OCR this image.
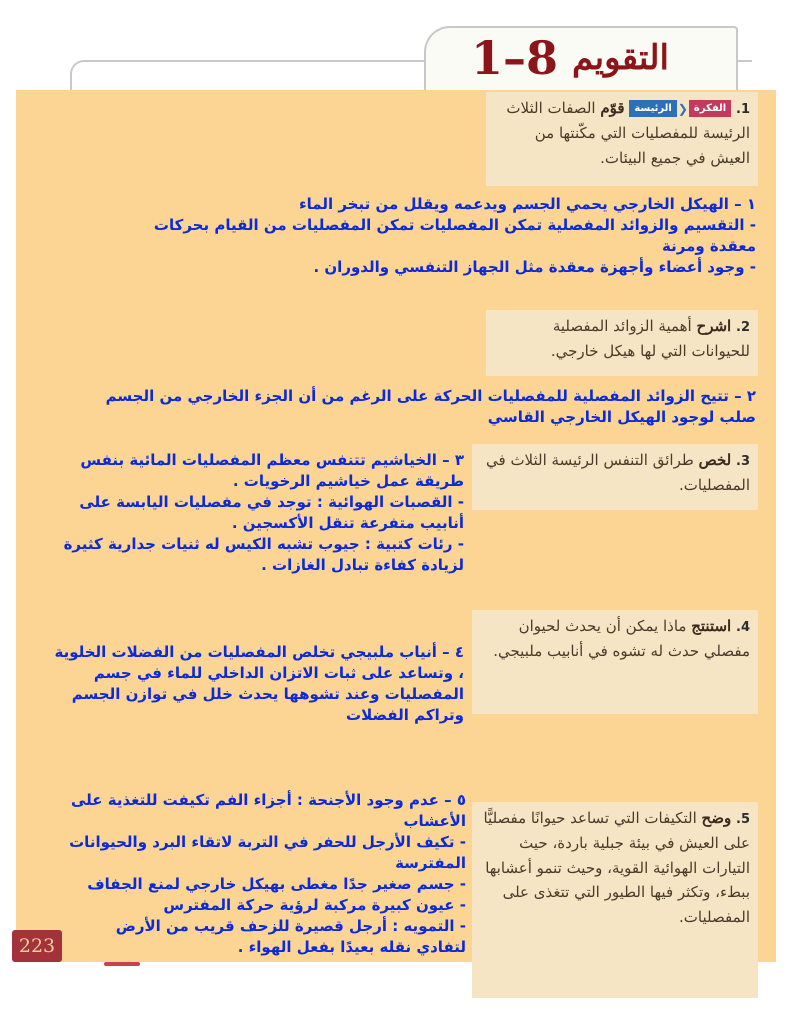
التقويم
1–8
1. الفكرة❮الرئيسة قوّم الصفات الثلاث الرئيسة للمفصليات التي مكّنتها من العيش في جميع البيئات.

١ – الهيكل الخارجي يحمي الجسم ويدعمه ويقلل من تبخر الماء

- التقسيم والزوائد المفصلية تمكن المفصليات تمكن المفصليات من القيام بحركات معقدة ومرنة

- وجود أعضاء وأجهزة معقدة مثل الجهاز التنفسي والدوران .

2. اشرح أهمية الزوائد المفصلية للحيوانات التي لها هيكل خارجي.

٢ – تتيح الزوائد المفصلية للمفصليات الحركة على الرغم من أن الجزء الخارجي من الجسم صلب لوجود الهيكل الخارجي القاسي

3. لخص طرائق التنفس الرئيسة الثلاث في المفصليات.

٣ – الخياشيم تتنفس معظم المفصليات المائية بنفس طريقة عمل خياشيم الرخويات .

- القصبات الهوائية : توجد في مفصليات اليابسة على أنابيب متفرعة تنقل الأكسجين .

- رئات كتبية : جيوب تشبه الكيس له ثنيات جدارية كثيرة لزيادة كفاءة تبادل الغازات .

4. استنتج ماذا يمكن أن يحدث لحيوان مفصلي حدث له تشوه في أنابيب ملبيجي.

٤ – أنياب ملبيجي تخلص المفصليات من الفضلات الخلوية ، وتساعد على ثبات الاتزان الداخلي للماء في جسم المفصليات وعند تشوهها يحدث خلل في توازن الجسم وتراكم الفضلات

5. وضح التكيفات التي تساعد حيوانًا مفصليًّا على العيش في بيئة جبلية باردة، حيث التيارات الهوائية القوية، وحيث تنمو أعشابها ببطء، وتكثر فيها الطيور التي تتغذى على المفصليات.

٥ – عدم وجود الأجنحة : أجزاء الفم تكيفت للتغذية على الأعشاب

- تكيف الأرجل للحفر في التربة لاتقاء البرد والحيوانات المفترسة

- جسم صغير جدًا مغطى بهيكل خارجي لمنع الجفاف

- عيون كبيرة مركبة لرؤية حركة المفترس

- التمويه : أرجل قصيرة للزحف قريب من الأرض لتفادي نقله بعيدًا بفعل الهواء .

223
